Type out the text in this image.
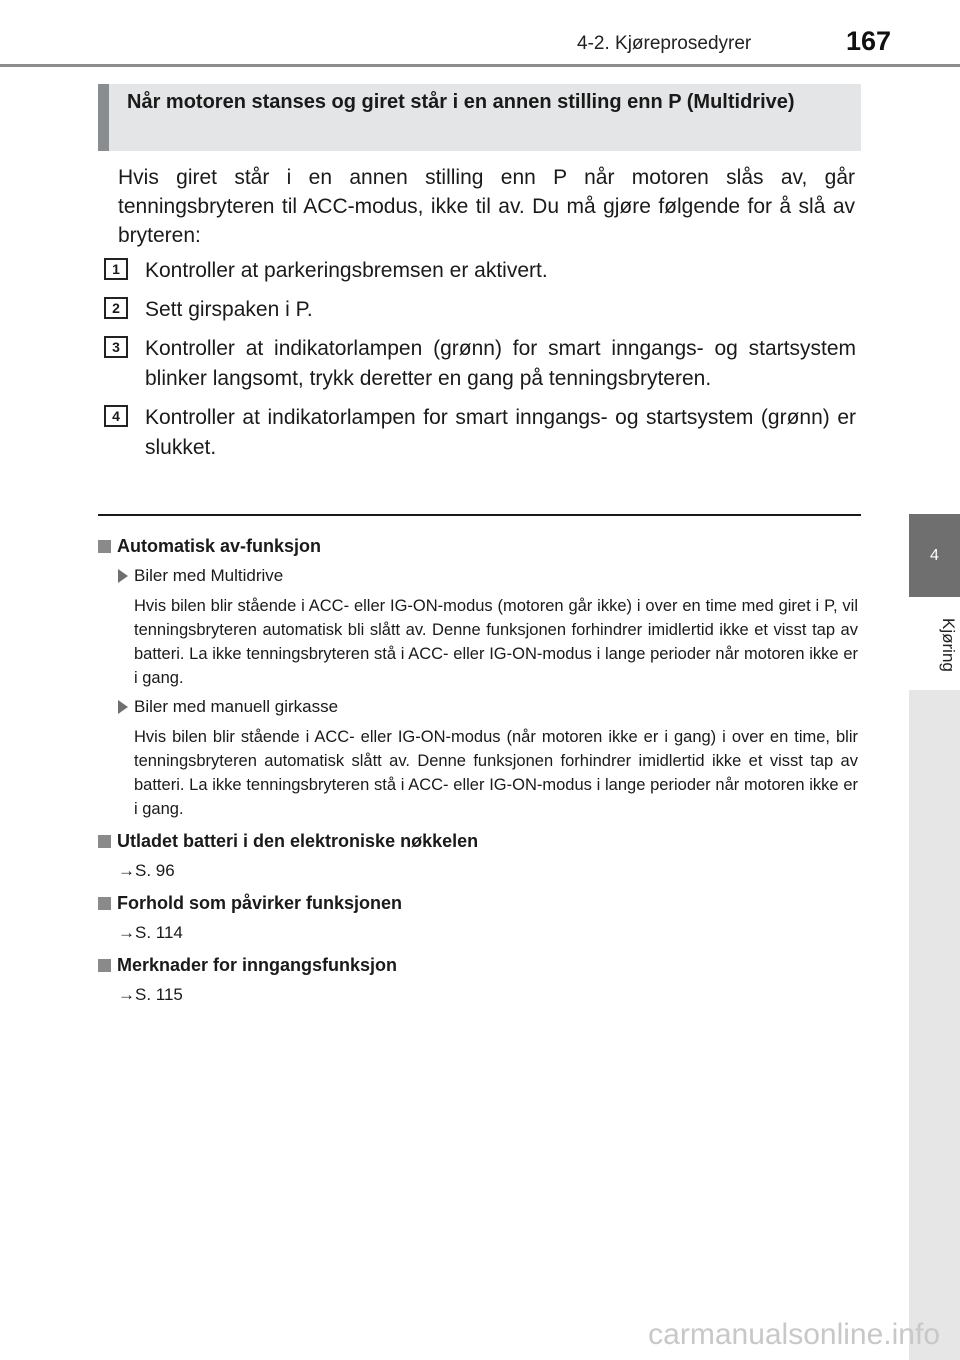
4-2. Kjøreprosedyrer	167
4
Kjøring
Når motoren stanses og giret står i en annen stilling enn P (Multidrive)
Hvis giret står i en annen stilling enn P når motoren slås av, går tenningsbryteren til ACC-modus, ikke til av. Du må gjøre følgende for å slå av bryteren:
1	Kontroller at parkeringsbremsen er aktivert.
2	Sett girspaken i P.
3	Kontroller at indikatorlampen (grønn) for smart inngangs- og startsystem blinker langsomt, trykk deretter en gang på tenningsbryteren.
4	Kontroller at indikatorlampen for smart inngangs- og startsystem (grønn) er slukket.
Automatisk av-funksjon
Biler med Multidrive
Hvis bilen blir stående i ACC- eller IG-ON-modus (motoren går ikke) i over en time med giret i P, vil tenningsbryteren automatisk bli slått av. Denne funksjonen forhindrer imidlertid ikke et visst tap av batteri. La ikke tenningsbryteren stå i ACC- eller IG-ON-modus i lange perioder når motoren ikke er i gang.
Biler med manuell girkasse
Hvis bilen blir stående i ACC- eller IG-ON-modus (når motoren ikke er i gang) i over en time, blir tenningsbryteren automatisk slått av. Denne funksjonen forhindrer imidlertid ikke et visst tap av batteri. La ikke tenningsbryteren stå i ACC- eller IG-ON-modus i lange perioder når motoren ikke er i gang.
Utladet batteri i den elektroniske nøkkelen
→S. 96
Forhold som påvirker funksjonen
→S. 114
Merknader for inngangsfunksjon
→S. 115
carmanualsonline.info
